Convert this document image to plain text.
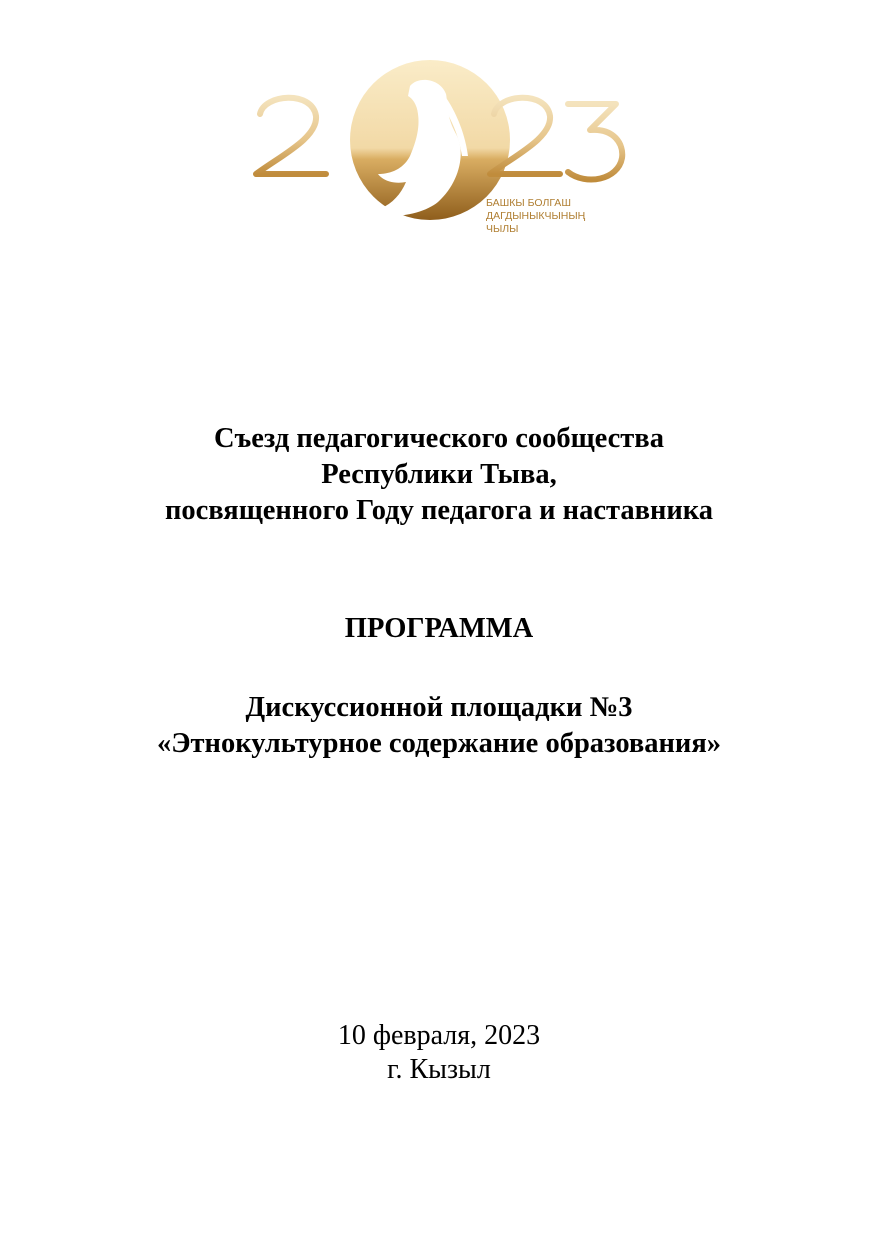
БАШКЫ БОЛГАШ
ДАГДЫНЫКЧЫНЫҢ
ЧЫЛЫ
Съезд педагогического сообщества
Республики Тыва,
посвященного Году педагога и наставника
ПРОГРАММА
Дискуссионной площадки №3
«Этнокультурное содержание образования»
10 февраля, 2023
г. Кызыл
